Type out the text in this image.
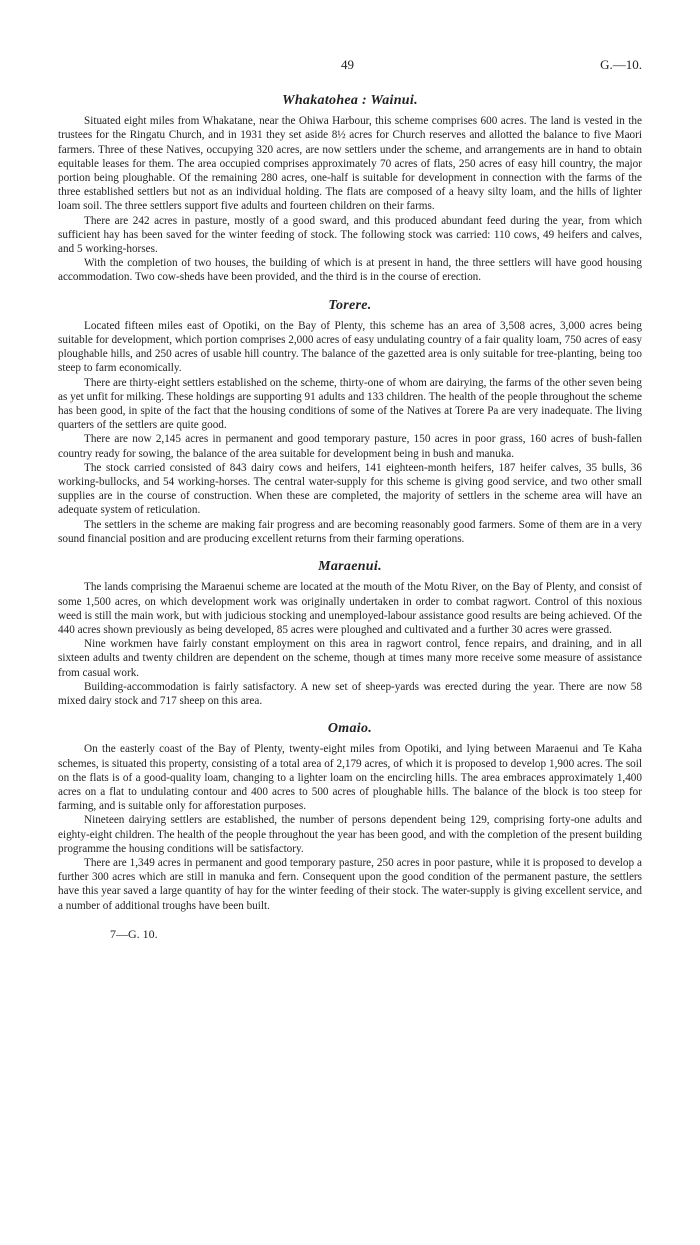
49	G.—10.
Whakatohea : Wainui.

Situated eight miles from Whakatane, near the Ohiwa Harbour, this scheme comprises 600 acres. The land is vested in the trustees for the Ringatu Church, and in 1931 they set aside 8½ acres for Church reserves and allotted the balance to five Maori farmers. Three of these Natives, occupying 320 acres, are now settlers under the scheme, and arrangements are in hand to obtain equitable leases for them. The area occupied comprises approximately 70 acres of flats, 250 acres of easy hill country, the major portion being ploughable. Of the remaining 280 acres, one-half is suitable for development in connection with the farms of the three established settlers but not as an individual holding. The flats are composed of a heavy silty loam, and the hills of lighter loam soil. The three settlers support five adults and fourteen children on their farms.

There are 242 acres in pasture, mostly of a good sward, and this produced abundant feed during the year, from which sufficient hay has been saved for the winter feeding of stock. The following stock was carried: 110 cows, 49 heifers and calves, and 5 working-horses.

With the completion of two houses, the building of which is at present in hand, the three settlers will have good housing accommodation. Two cow-sheds have been provided, and the third is in the course of erection.

Torere.

Located fifteen miles east of Opotiki, on the Bay of Plenty, this scheme has an area of 3,508 acres, 3,000 acres being suitable for development, which portion comprises 2,000 acres of easy undulating country of a fair quality loam, 750 acres of easy ploughable hills, and 250 acres of usable hill country. The balance of the gazetted area is only suitable for tree-planting, being too steep to farm economically.

There are thirty-eight settlers established on the scheme, thirty-one of whom are dairying, the farms of the other seven being as yet unfit for milking. These holdings are supporting 91 adults and 133 children. The health of the people throughout the scheme has been good, in spite of the fact that the housing conditions of some of the Natives at Torere Pa are very inadequate. The living quarters of the settlers are quite good.

There are now 2,145 acres in permanent and good temporary pasture, 150 acres in poor grass, 160 acres of bush-fallen country ready for sowing, the balance of the area suitable for development being in bush and manuka.

The stock carried consisted of 843 dairy cows and heifers, 141 eighteen-month heifers, 187 heifer calves, 35 bulls, 36 working-bullocks, and 54 working-horses. The central water-supply for this scheme is giving good service, and two other small supplies are in the course of construction. When these are completed, the majority of settlers in the scheme area will have an adequate system of reticulation.

The settlers in the scheme are making fair progress and are becoming reasonably good farmers. Some of them are in a very sound financial position and are producing excellent returns from their farming operations.

Maraenui.

The lands comprising the Maraenui scheme are located at the mouth of the Motu River, on the Bay of Plenty, and consist of some 1,500 acres, on which development work was originally undertaken in order to combat ragwort. Control of this noxious weed is still the main work, but with judicious stocking and unemployed-labour assistance good results are being achieved. Of the 440 acres shown previously as being developed, 85 acres were ploughed and cultivated and a further 30 acres were grassed.

Nine workmen have fairly constant employment on this area in ragwort control, fence repairs, and draining, and in all sixteen adults and twenty children are dependent on the scheme, though at times many more receive some measure of assistance from casual work.

Building-accommodation is fairly satisfactory. A new set of sheep-yards was erected during the year. There are now 58 mixed dairy stock and 717 sheep on this area.

Omaio.

On the easterly coast of the Bay of Plenty, twenty-eight miles from Opotiki, and lying between Maraenui and Te Kaha schemes, is situated this property, consisting of a total area of 2,179 acres, of which it is proposed to develop 1,900 acres. The soil on the flats is of a good-quality loam, changing to a lighter loam on the encircling hills. The area embraces approximately 1,400 acres on a flat to undulating contour and 400 acres to 500 acres of ploughable hills. The balance of the block is too steep for farming, and is suitable only for afforestation purposes.

Nineteen dairying settlers are established, the number of persons dependent being 129, comprising forty-one adults and eighty-eight children. The health of the people throughout the year has been good, and with the completion of the present building programme the housing conditions will be satisfactory.

There are 1,349 acres in permanent and good temporary pasture, 250 acres in poor pasture, while it is proposed to develop a further 300 acres which are still in manuka and fern. Consequent upon the good condition of the permanent pasture, the settlers have this year saved a large quantity of hay for the winter feeding of their stock. The water-supply is giving excellent service, and a number of additional troughs have been built.

7—G. 10.
